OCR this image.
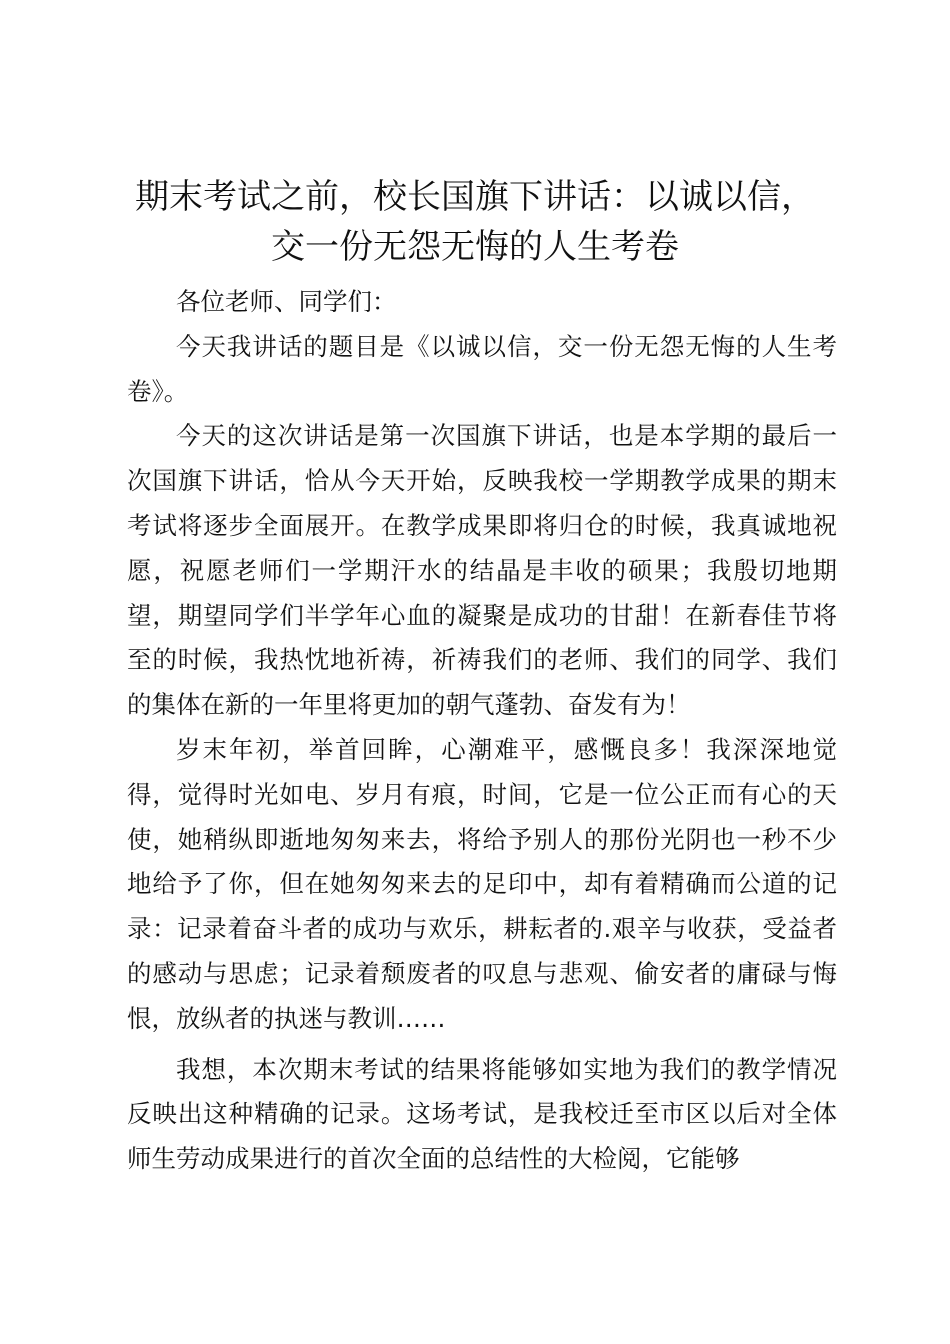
期末考试之前，校长国旗下讲话：以诚以信，
交一份无怨无悔的人生考卷

各位老师、同学们：

今天我讲话的题目是《以诚以信，交一份无怨无悔的人生考卷》。

今天的这次讲话是第一次国旗下讲话，也是本学期的最后一次国旗下讲话，恰从今天开始，反映我校一学期教学成果的期末考试将逐步全面展开。在教学成果即将归仓的时候，我真诚地祝愿，祝愿老师们一学期汗水的结晶是丰收的硕果；我殷切地期望，期望同学们半学年心血的凝聚是成功的甘甜！在新春佳节将至的时候，我热忱地祈祷，祈祷我们的老师、我们的同学、我们的集体在新的一年里将更加的朝气蓬勃、奋发有为！

岁末年初，举首回眸，心潮难平，感慨良多！我深深地觉得，觉得时光如电、岁月有痕，时间，它是一位公正而有心的天使，她稍纵即逝地匆匆来去，将给予别人的那份光阴也一秒不少地给予了你，但在她匆匆来去的足印中，却有着精确而公道的记录：记录着奋斗者的成功与欢乐，耕耘者的.艰辛与收获，受益者的感动与思虑；记录着颓废者的叹息与悲观、偷安者的庸碌与悔恨，放纵者的执迷与教训……

我想，本次期末考试的结果将能够如实地为我们的教学情况反映出这种精确的记录。这场考试，是我校迁至市区以后对全体师生劳动成果进行的首次全面的总结性的大检阅，它能够
